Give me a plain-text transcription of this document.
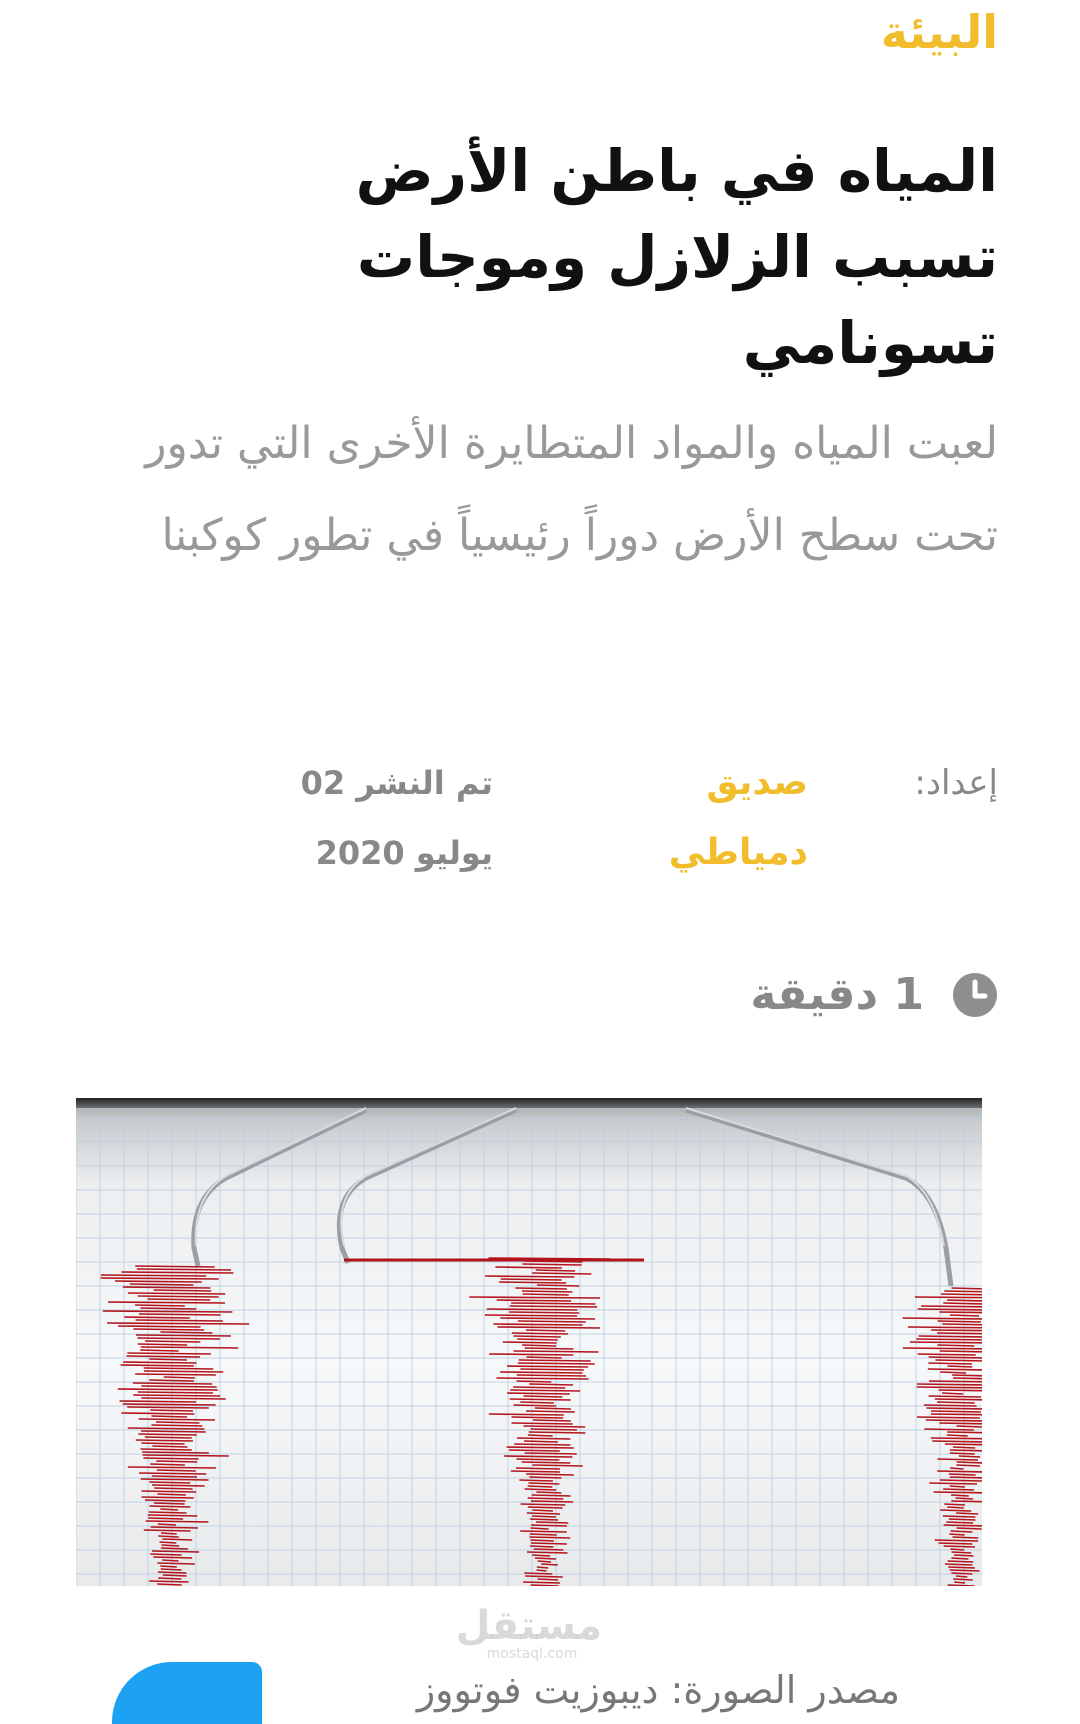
البيئة
المياه في باطن الأرض تسبب الزلازل وموجات تسونامي

لعبت المياه والمواد المتطايرة الأخرى التي تدور تحت سطح الأرض دوراً رئيسياً في تطور كوكبنا

إعداد:
صديق دمياطي
تم النشر 02 يوليو 2020
1 دقيقة
مستقل
mostaql.com

مصدر الصورة: ديبوزيت فوتووز
